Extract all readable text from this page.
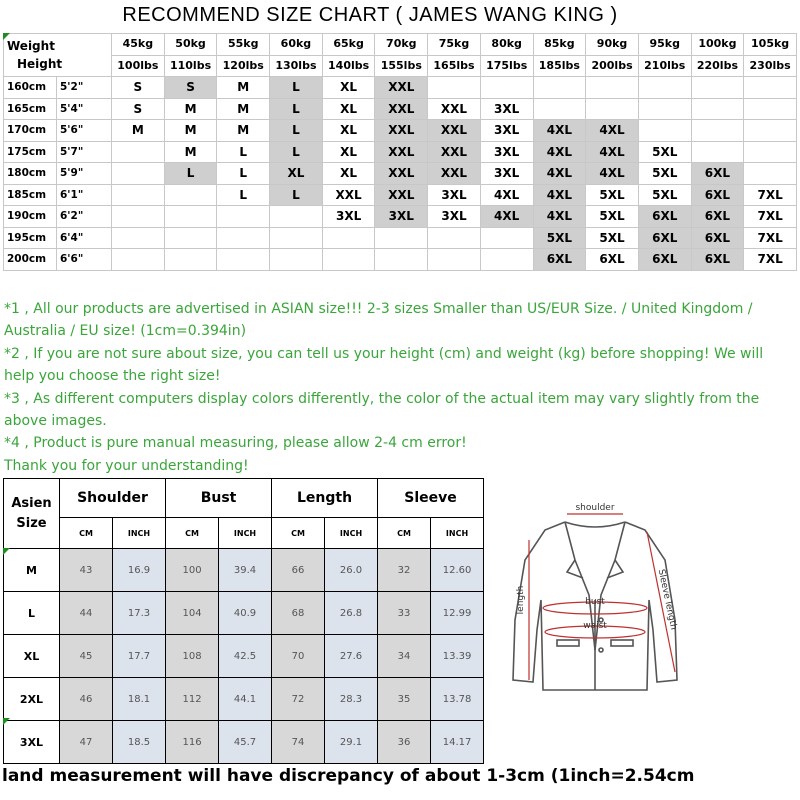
RECOMMEND SIZE CHART ( JAMES WANG KING )
Weight
Height		45kg	50kg	55kg	60kg	65kg	70kg	75kg	80kg	85kg	90kg	95kg	100kg	105kg
		100lbs	110lbs	120lbs	130lbs	140lbs	155lbs	165lbs	175lbs	185lbs	200lbs	210lbs	220lbs	230lbs
160cm	5'2"	S	S	M	L	XL	XXL							
165cm	5'4"	S	M	M	L	XL	XXL	XXL	3XL					
170cm	5'6"	M	M	M	L	XL	XXL	XXL	3XL	4XL	4XL			
175cm	5'7"		M	L	L	XL	XXL	XXL	3XL	4XL	4XL	5XL		
180cm	5'9"		L	L	XL	XL	XXL	XXL	3XL	4XL	4XL	5XL	6XL	
185cm	6'1"			L	L	XXL	XXL	3XL	4XL	4XL	5XL	5XL	6XL	7XL
190cm	6'2"					3XL	3XL	3XL	4XL	4XL	5XL	6XL	6XL	7XL
195cm	6'4"									5XL	5XL	6XL	6XL	7XL
200cm	6'6"									6XL	6XL	6XL	6XL	7XL

*1 , All our products are advertised in ASIAN size!!! 2-3 sizes Smaller than US/EUR Size. / United Kingdom / Australia / EU size! (1cm=0.394in)

*2 , If you are not sure about size, you can tell us your height (cm) and weight (kg) before shopping! We will help you choose the right size!

*3 , As different computers display colors differently, the color of the actual item may vary slightly from the above images.

*4 , Product is pure manual measuring, please allow 2-4 cm error!

Thank you for your understanding!

Asien
Size	Shoulder		Bust		Length		Sleeve	
	CM	INCH	CM	INCH	CM	INCH	CM	INCH
M	43	16.9	100	39.4	66	26.0	32	12.60
L	44	17.3	104	40.9	68	26.8	33	12.99
XL	45	17.7	108	42.5	70	27.6	34	13.39
2XL	46	18.1	112	44.1	72	28.3	35	13.78
3XL	47	18.5	116	45.7	74	29.1	36	14.17
shoulder
length	bust
waist	Sleeve length
land measurement will have discrepancy of about 1-3cm (1inch=2.54cm
